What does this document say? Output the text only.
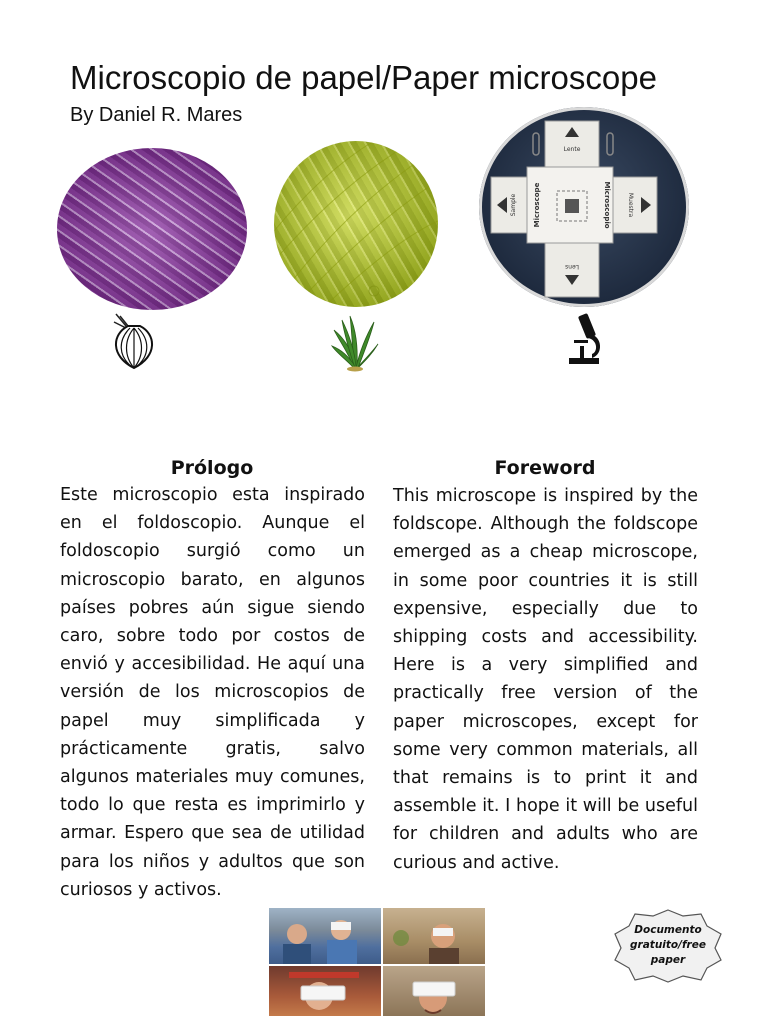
Microscopio de papel/Paper microscope
By Daniel R. Mares
Lente
Lens
Sample Microscope	Microscopio	Muestra
Prólogo

Este microscopio esta inspirado en el foldoscopio. Aunque el foldoscopio surgió como un microscopio barato, en algunos países pobres aún sigue siendo caro, sobre todo por costos de envió y accesibilidad. He aquí una versión de los microscopios de papel muy simplificada y prácticamente gratis, salvo algunos materiales muy comunes, todo lo que resta es imprimirlo y armar. Espero que sea de utilidad para los niños y adultos que son curiosos y activos.

Foreword

This microscope is inspired by the foldscope. Although the foldscope emerged as a cheap microscope, in some poor countries it is still expensive, especially due to shipping costs and accessibility. Here is a very simplified and practically free version of the paper microscopes, except for some very common materials, all that remains is to print it and assemble it. I hope it will be useful for children and adults who are curious and active.

Documento
gratuito/free
paper
